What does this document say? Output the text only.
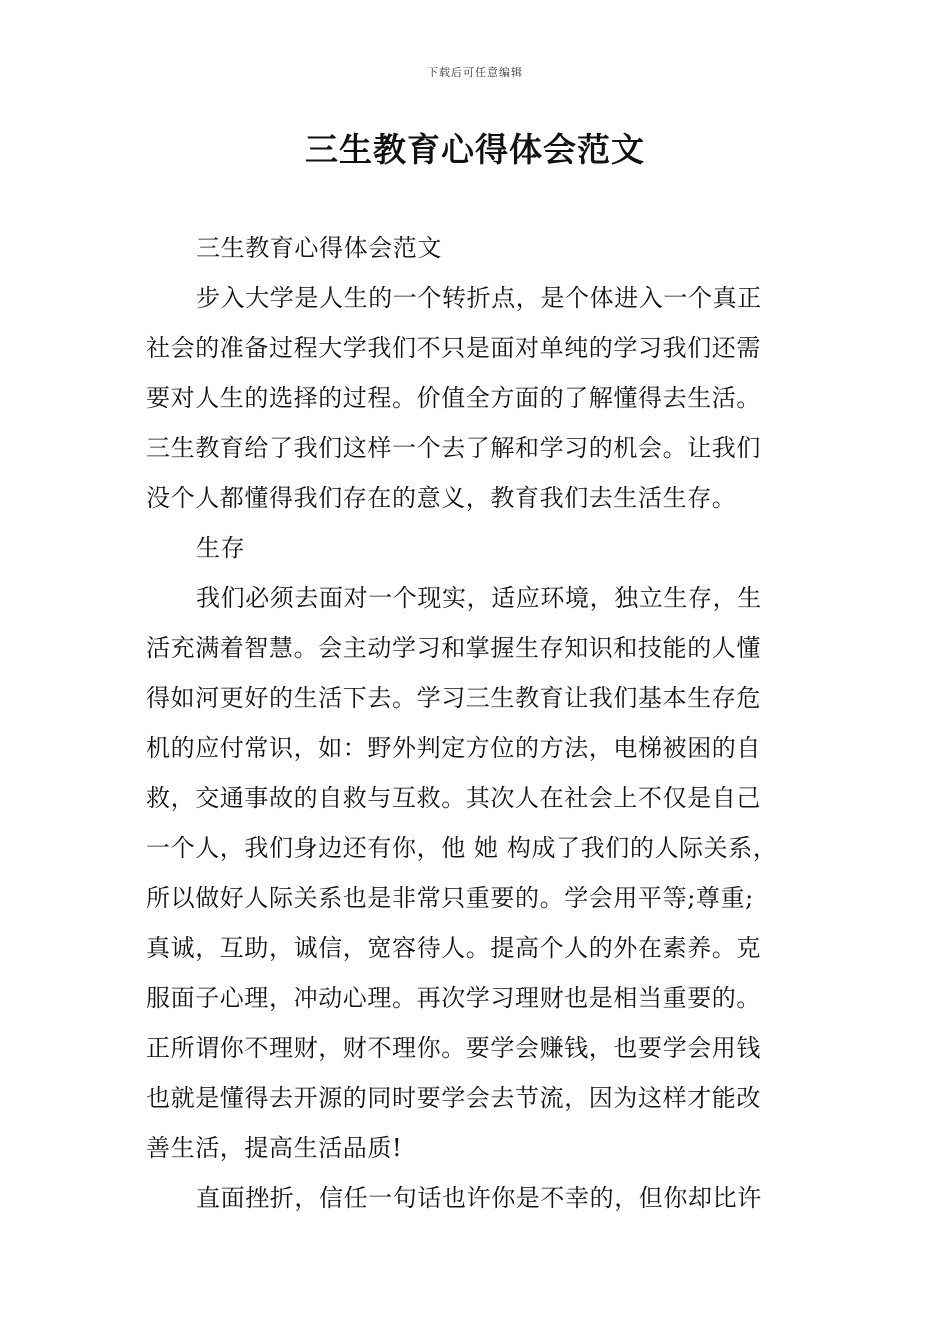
下载后可任意编辑
三生教育心得体会范文
三生教育心得体会范文
步入大学是人生的一个转折点，是个体进入一个真正
社会的准备过程大学我们不只是面对单纯的学习我们还需
要对人生的选择的过程。价值全方面的了解懂得去生活。
三生教育给了我们这样一个去了解和学习的机会。让我们
没个人都懂得我们存在的意义，教育我们去生活生存。
生存
我们必须去面对一个现实，适应环境，独立生存，生
活充满着智慧。会主动学习和掌握生存知识和技能的人懂
得如河更好的生活下去。学习三生教育让我们基本生存危
机的应付常识，如：野外判定方位的方法，电梯被困的自
救，交通事故的自救与互救。其次人在社会上不仅是自己
一个人，我们身边还有你，他 她 构成了我们的人际关系，
所以做好人际关系也是非常只重要的。学会用平等;尊重;
真诚，互助，诚信，宽容待人。提高个人的外在素养。克
服面子心理，冲动心理。再次学习理财也是相当重要的。
正所谓你不理财，财不理你。要学会赚钱，也要学会用钱
也就是懂得去开源的同时要学会去节流，因为这样才能改
善生活，提高生活品质!
直面挫折，信任一句话也许你是不幸的，但你却比许
